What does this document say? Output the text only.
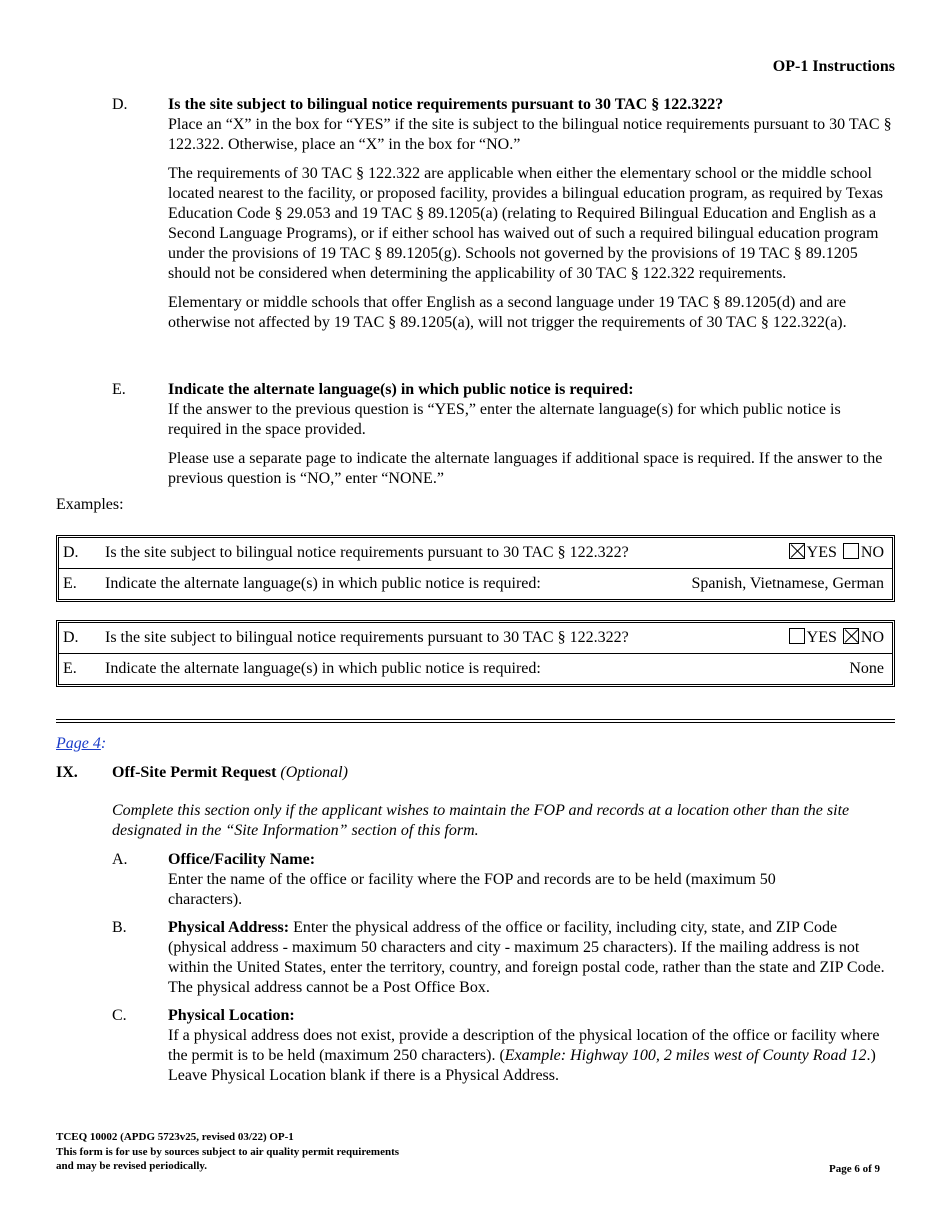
OP-1 Instructions
D.	Is the site subject to bilingual notice requirements pursuant to 30 TAC § 122.322?

Place an “X” in the box for “YES” if the site is subject to the bilingual notice requirements pursuant to 30 TAC § 122.322. Otherwise, place an “X” in the box for “NO.”

The requirements of 30 TAC § 122.322 are applicable when either the elementary school or the middle school located nearest to the facility, or proposed facility, provides a bilingual education program, as required by Texas Education Code § 29.053 and 19 TAC § 89.1205(a) (relating to Required Bilingual Education and English as a Second Language Programs), or if either school has waived out of such a required bilingual education program under the provisions of 19 TAC § 89.1205(g). Schools not governed by the provisions of 19 TAC § 89.1205 should not be considered when determining the applicability of 30 TAC § 122.322 requirements.

Elementary or middle schools that offer English as a second language under 19 TAC § 89.1205(d) and are otherwise not affected by 19 TAC § 89.1205(a), will not trigger the requirements of 30 TAC § 122.322(a).

E.	Indicate the alternate language(s) in which public notice is required:

If the answer to the previous question is “YES,” enter the alternate language(s) for which public notice is required in the space provided.

Please use a separate page to indicate the alternate languages if additional space is required. If the answer to the previous question is “NO,” enter “NONE.”

Examples:
D. Is the site subject to bilingual notice requirements pursuant to 30 TAC § 122.322?	YES NO
E. Indicate the alternate language(s) in which public notice is required:	Spanish, Vietnamese, German
D. Is the site subject to bilingual notice requirements pursuant to 30 TAC § 122.322?	YES NO
E. Indicate the alternate language(s) in which public notice is required:	None
Page 4:
IX. Off-Site Permit Request (Optional)
Complete this section only if the applicant wishes to maintain the FOP and records at a location other than the site designated in the “Site Information” section of this form.
A.	Office/Facility Name:

Enter the name of the office or facility where the FOP and records are to be held (maximum 50 characters).

B.	Physical Address: Enter the physical address of the office or facility, including city, state, and ZIP Code (physical address - maximum 50 characters and city - maximum 25 characters). If the mailing address is not within the United States, enter the territory, country, and foreign postal code, rather than the state and ZIP Code. The physical address cannot be a Post Office Box.

C.	Physical Location:

If a physical address does not exist, provide a description of the physical location of the office or facility where the permit is to be held (maximum 250 characters). (Example: Highway 100, 2 miles west of County Road 12.) Leave Physical Location blank if there is a Physical Address.

TCEQ 10002 (APDG 5723v25, revised 03/22) OP-1
This form is for use by sources subject to air quality permit requirements
and may be revised periodically.	Page 6 of 9
